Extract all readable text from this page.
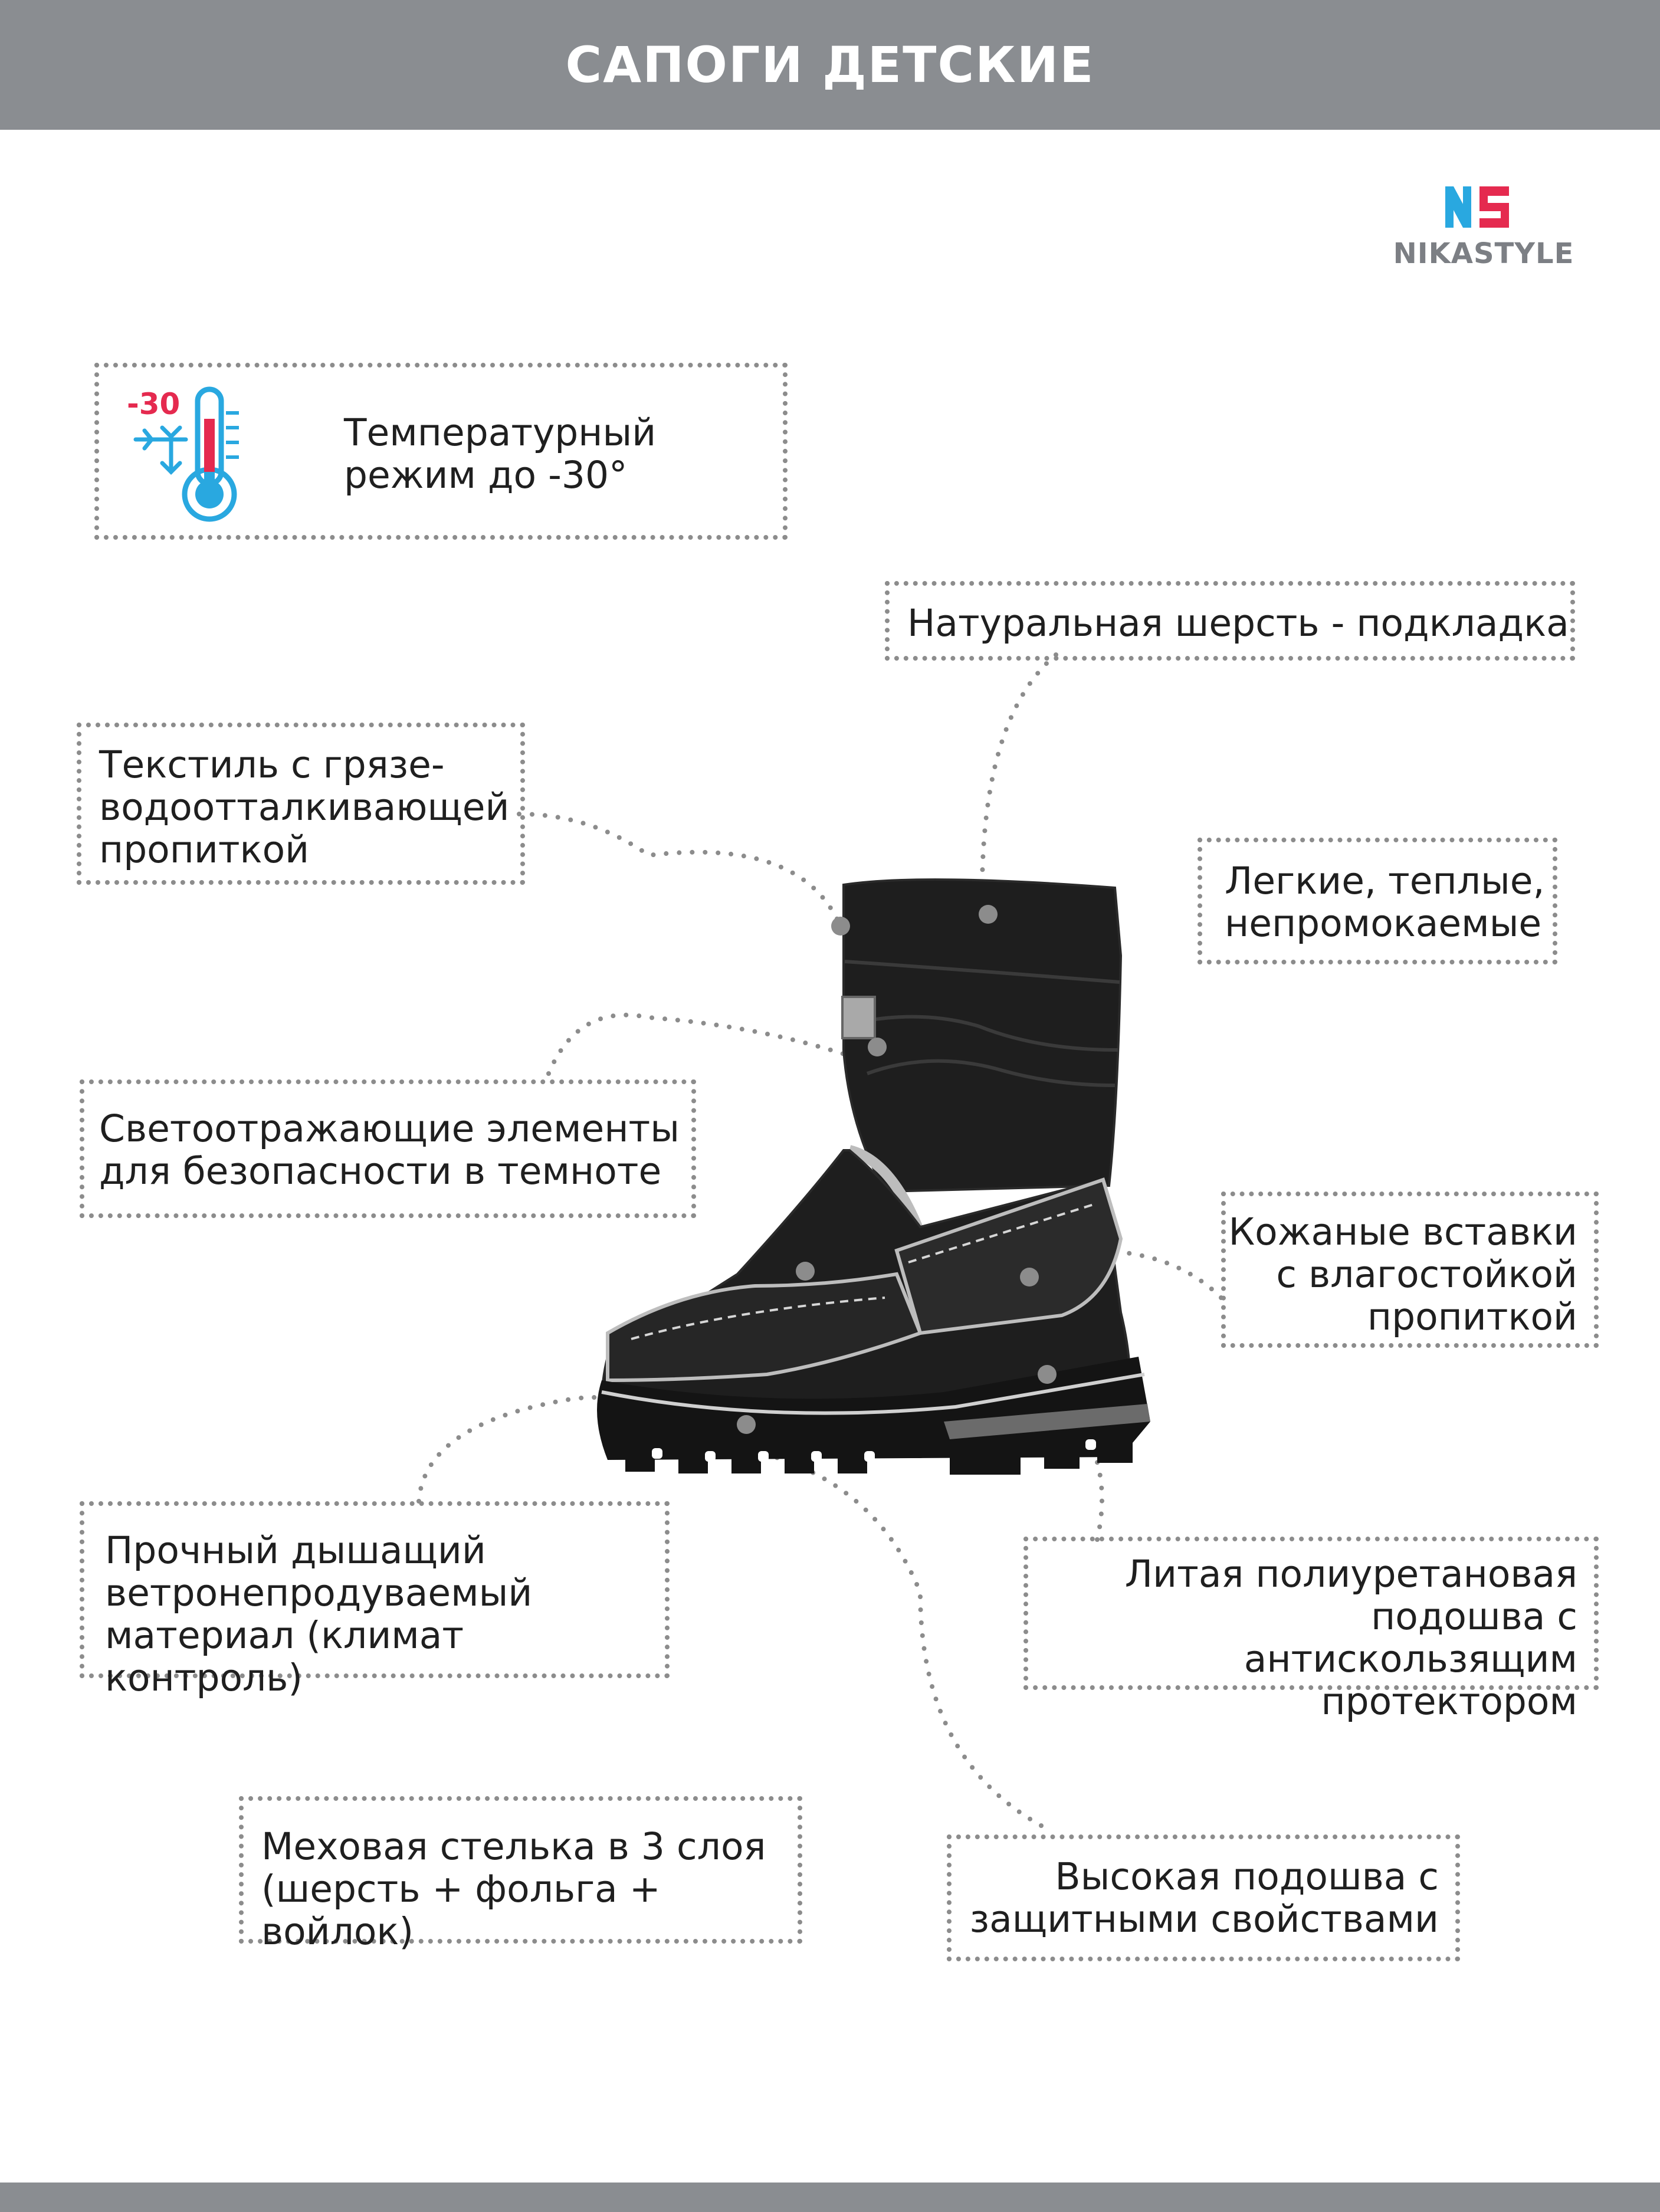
САПОГИ ДЕТСКИЕ
NIKASTYLE
Температурный
режим до -30°
-30
Натуральная шерсть - подкладка
Текстиль с грязе-
водоотталкивающей
пропиткой
Легкие, теплые,
непромокаемые
Светоотражающие элементы
для безопасности в темноте
Кожаные вставки
с влагостойкой
пропиткой
Прочный дышащий
ветронепродуваемый
материал (климат контроль)
Литая полиуретановая
подошва с антискользящим
протектором
Меховая стелька в 3 слоя
(шерсть + фольга + войлок)
Высокая подошва с
защитными свойствами
